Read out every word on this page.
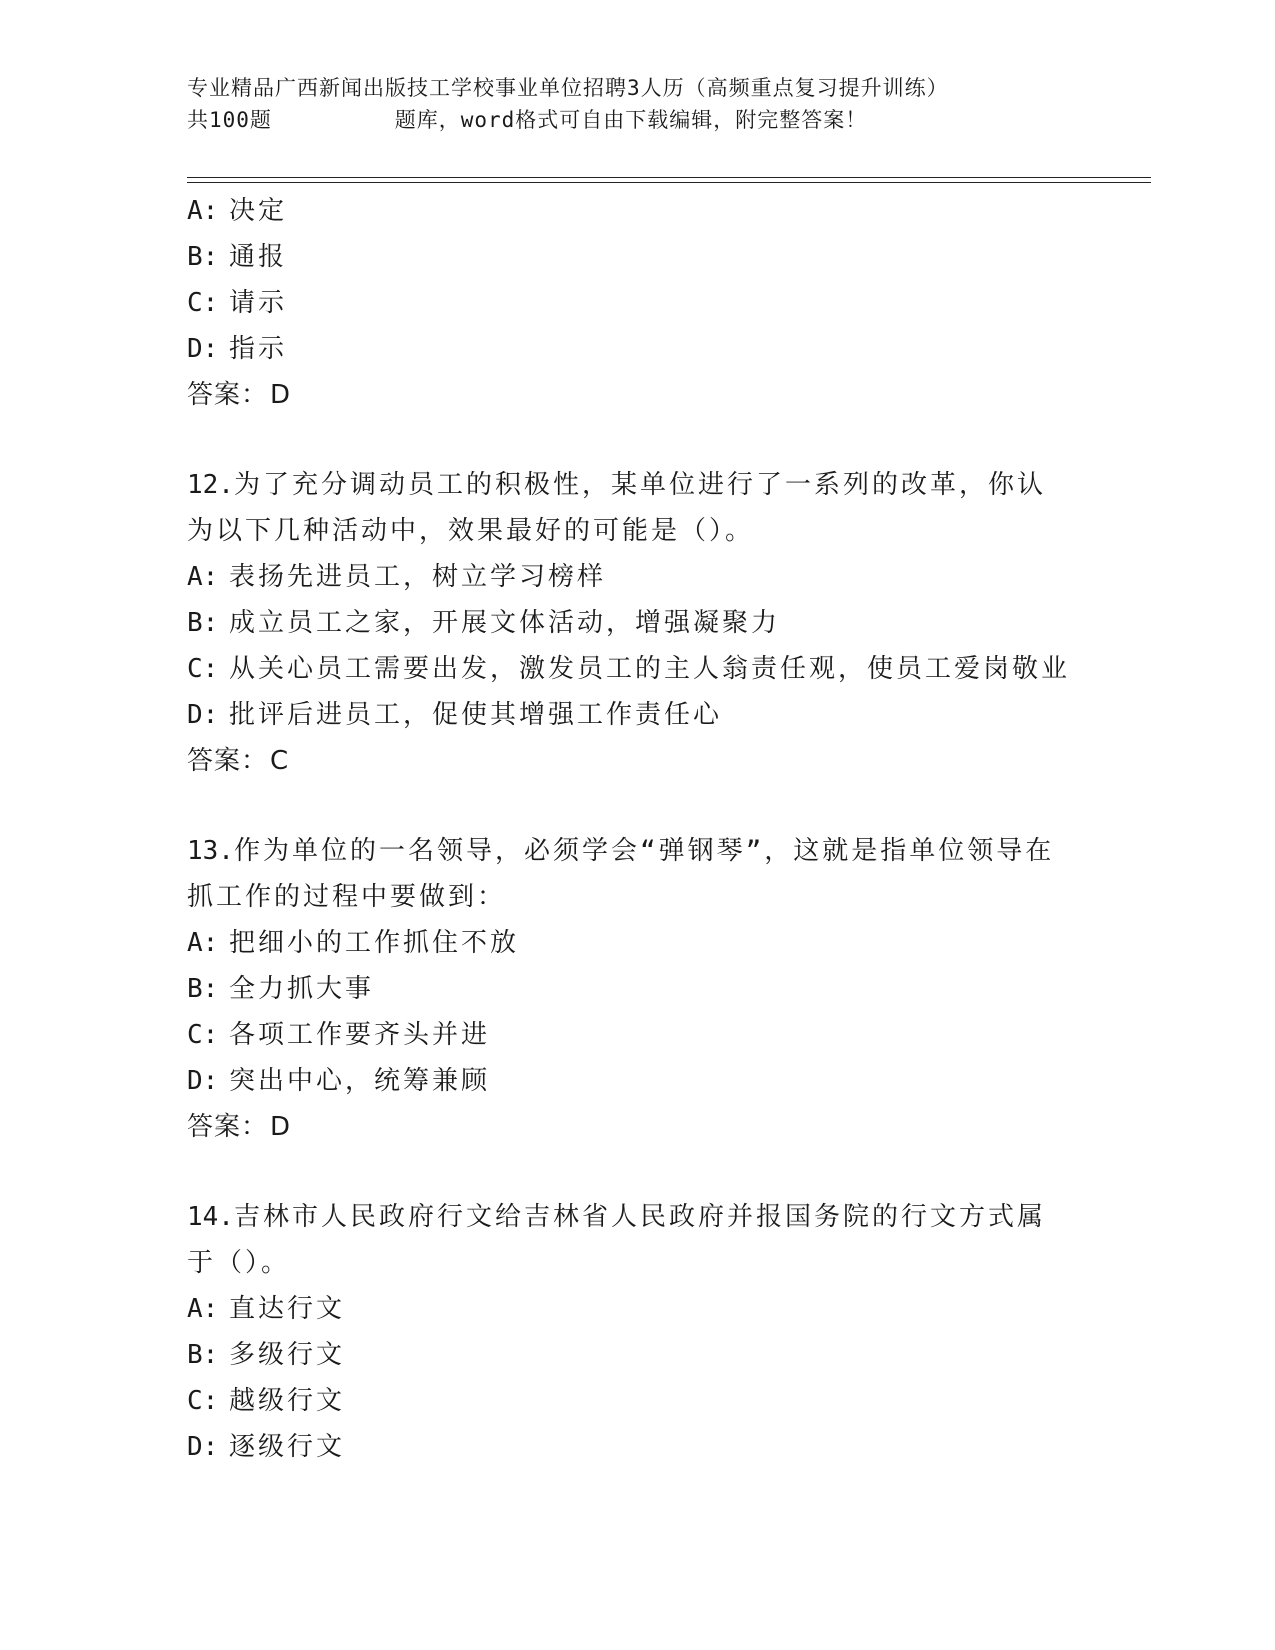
专业精品广西新闻出版技工学校事业单位招聘3人历（高频重点复习提升训练）
共100题         题库，word格式可自由下载编辑，附完整答案！
A: 决定
B: 通报
C: 请示
D: 指示
答案：D
12.为了充分调动员工的积极性，某单位进行了一系列的改革，你认为以下几种活动中，效果最好的可能是（）。
A: 表扬先进员工，树立学习榜样
B: 成立员工之家，开展文体活动，增强凝聚力
C: 从关心员工需要出发，激发员工的主人翁责任观，使员工爱岗敬业
D: 批评后进员工，促使其增强工作责任心
答案：C
13.作为单位的一名领导，必须学会“弹钢琴”，这就是指单位领导在抓工作的过程中要做到：
A: 把细小的工作抓住不放
B: 全力抓大事
C: 各项工作要齐头并进
D: 突出中心，统筹兼顾
答案：D
14.吉林市人民政府行文给吉林省人民政府并报国务院的行文方式属于（）。
A: 直达行文
B: 多级行文
C: 越级行文
D: 逐级行文
